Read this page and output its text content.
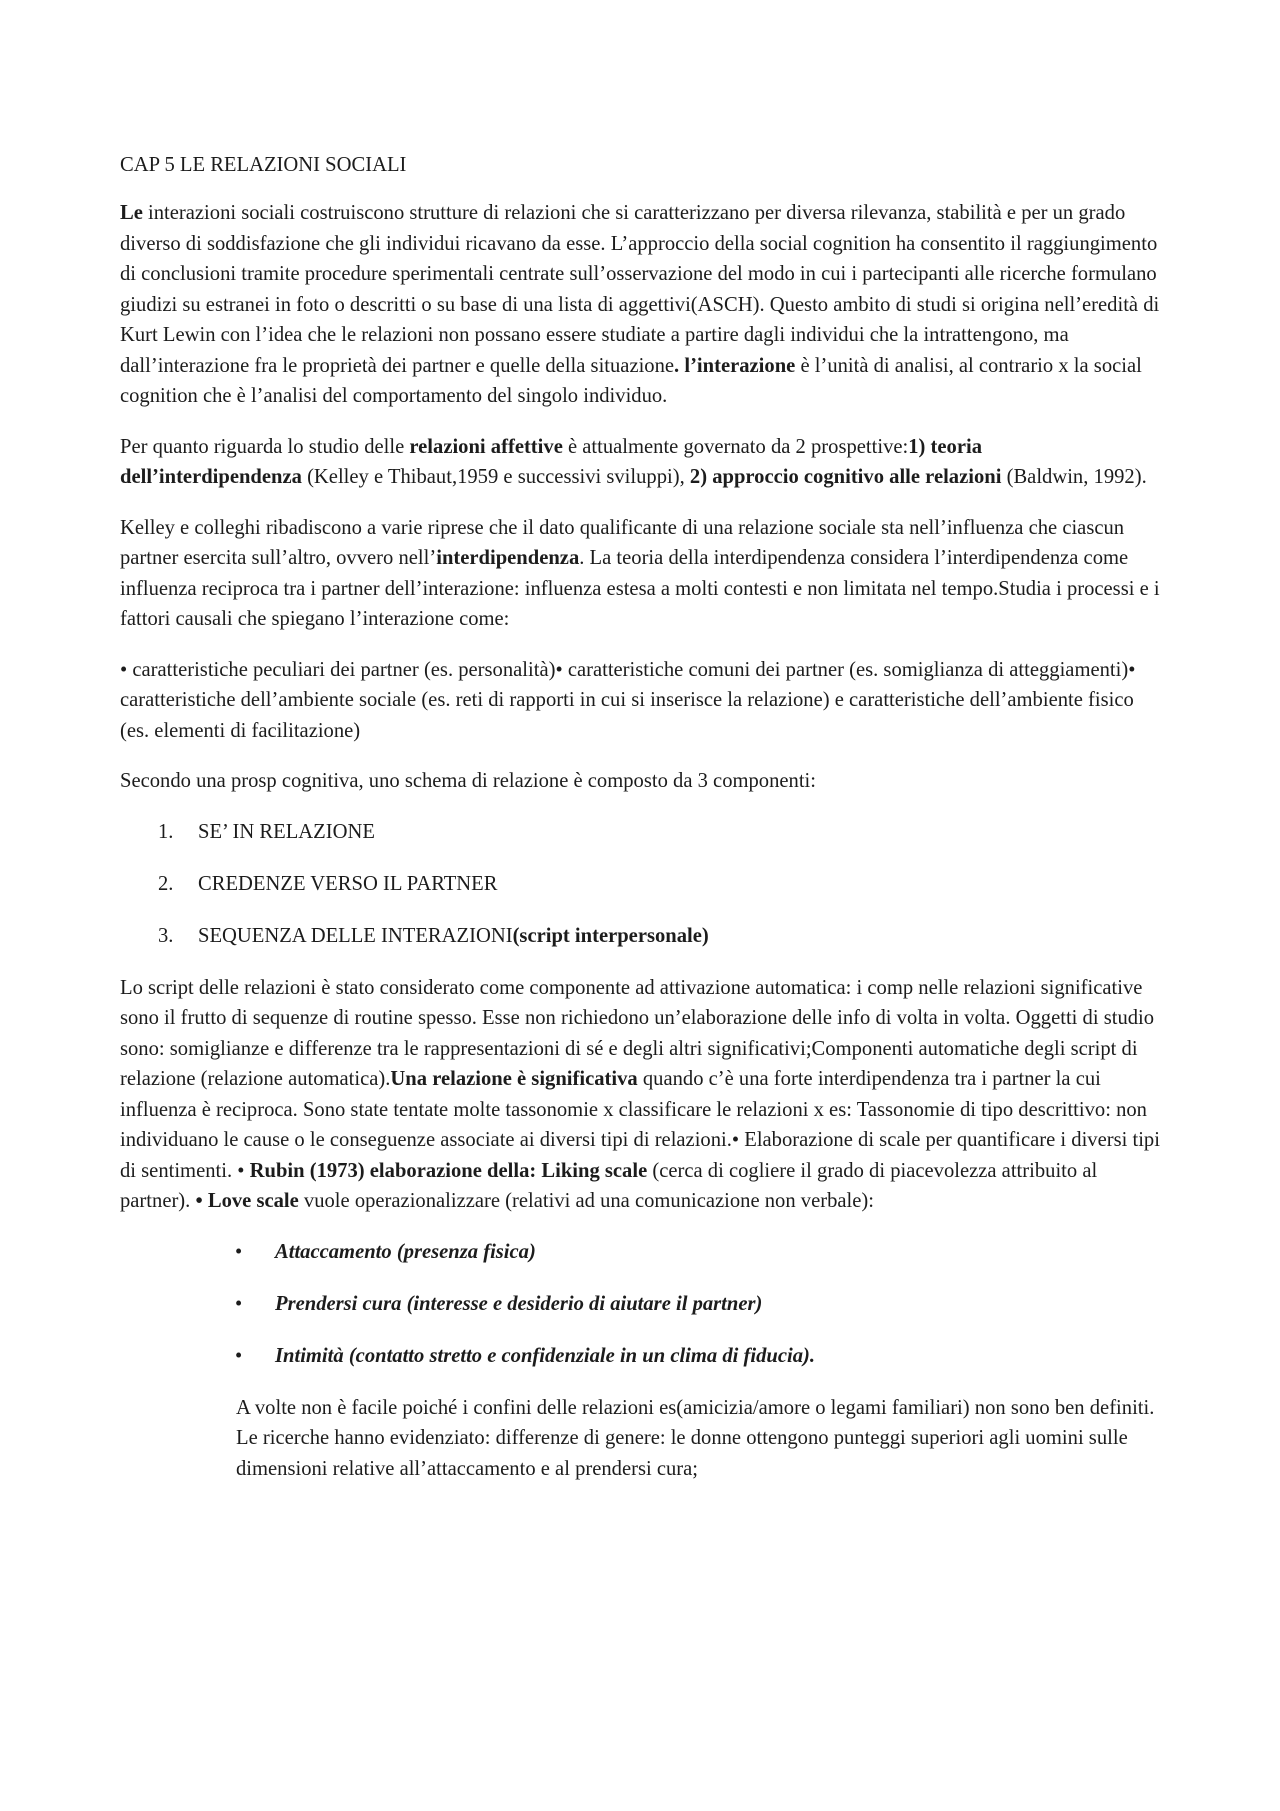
CAP 5 LE RELAZIONI SOCIALI

Le interazioni sociali costruiscono strutture di relazioni che si caratterizzano per diversa rilevanza, stabilità e per un grado diverso di soddisfazione che gli individui ricavano da esse. L’approccio della social cognition ha consentito il raggiungimento di conclusioni tramite procedure sperimentali centrate sull’osservazione del modo in cui i partecipanti alle ricerche formulano giudizi su estranei in foto o descritti o su base di una lista di aggettivi(ASCH). Questo ambito di studi si origina nell’eredità di Kurt Lewin con l’idea che le relazioni non possano essere studiate a partire dagli individui che la intrattengono, ma dall’interazione fra le proprietà dei partner e quelle della situazione. l’interazione è l’unità di analisi, al contrario x la social cognition che è l’analisi del comportamento del singolo individuo.

Per quanto riguarda lo studio delle relazioni affettive è attualmente governato da 2 prospettive:1) teoria dell’interdipendenza (Kelley e Thibaut,1959 e successivi sviluppi), 2) approccio cognitivo alle relazioni (Baldwin, 1992).

Kelley e colleghi ribadiscono a varie riprese che il dato qualificante di una relazione sociale sta nell’influenza che ciascun partner esercita sull’altro, ovvero nell’interdipendenza. La teoria della interdipendenza considera l’interdipendenza come influenza reciproca tra i partner dell’interazione: influenza estesa a molti contesti e non limitata nel tempo.Studia i processi e i fattori causali che spiegano l’interazione come:

• caratteristiche peculiari dei partner (es. personalità)• caratteristiche comuni dei partner (es. somiglianza di atteggiamenti)• caratteristiche dell’ambiente sociale (es. reti di rapporti in cui si inserisce la relazione) e caratteristiche dell’ambiente fisico (es. elementi di facilitazione)

Secondo una prosp cognitiva, uno schema di relazione è composto da 3 componenti:

1. SE’ IN RELAZIONE
2. CREDENZE VERSO IL PARTNER
3. SEQUENZA DELLE INTERAZIONI(script interpersonale)

Lo script delle relazioni è stato considerato come componente ad attivazione automatica: i comp nelle relazioni significative sono il frutto di sequenze di routine spesso. Esse non richiedono un’elaborazione delle info di volta in volta. Oggetti di studio sono: somiglianze e differenze tra le rappresentazioni di sé e degli altri significativi;Componenti automatiche degli script di relazione (relazione automatica).Una relazione è significativa quando c’è una forte interdipendenza tra i partner la cui influenza è reciproca. Sono state tentate molte tassonomie x classificare le relazioni x es: Tassonomie di tipo descrittivo: non individuano le cause o le conseguenze associate ai diversi tipi di relazioni.• Elaborazione di scale per quantificare i diversi tipi di sentimenti. • Rubin (1973) elaborazione della: Liking scale (cerca di cogliere il grado di piacevolezza attribuito al partner). • Love scale vuole operazionalizzare (relativi ad una comunicazione non verbale):

• Attaccamento (presenza fisica)
• Prendersi cura (interesse e desiderio di aiutare il partner)
• Intimità (contatto stretto e confidenziale in un clima di fiducia).

A volte non è facile poiché i confini delle relazioni es(amicizia/amore o legami familiari) non sono ben definiti. Le ricerche hanno evidenziato: differenze di genere: le donne ottengono punteggi superiori agli uomini sulle dimensioni relative all’attaccamento e al prendersi cura;
